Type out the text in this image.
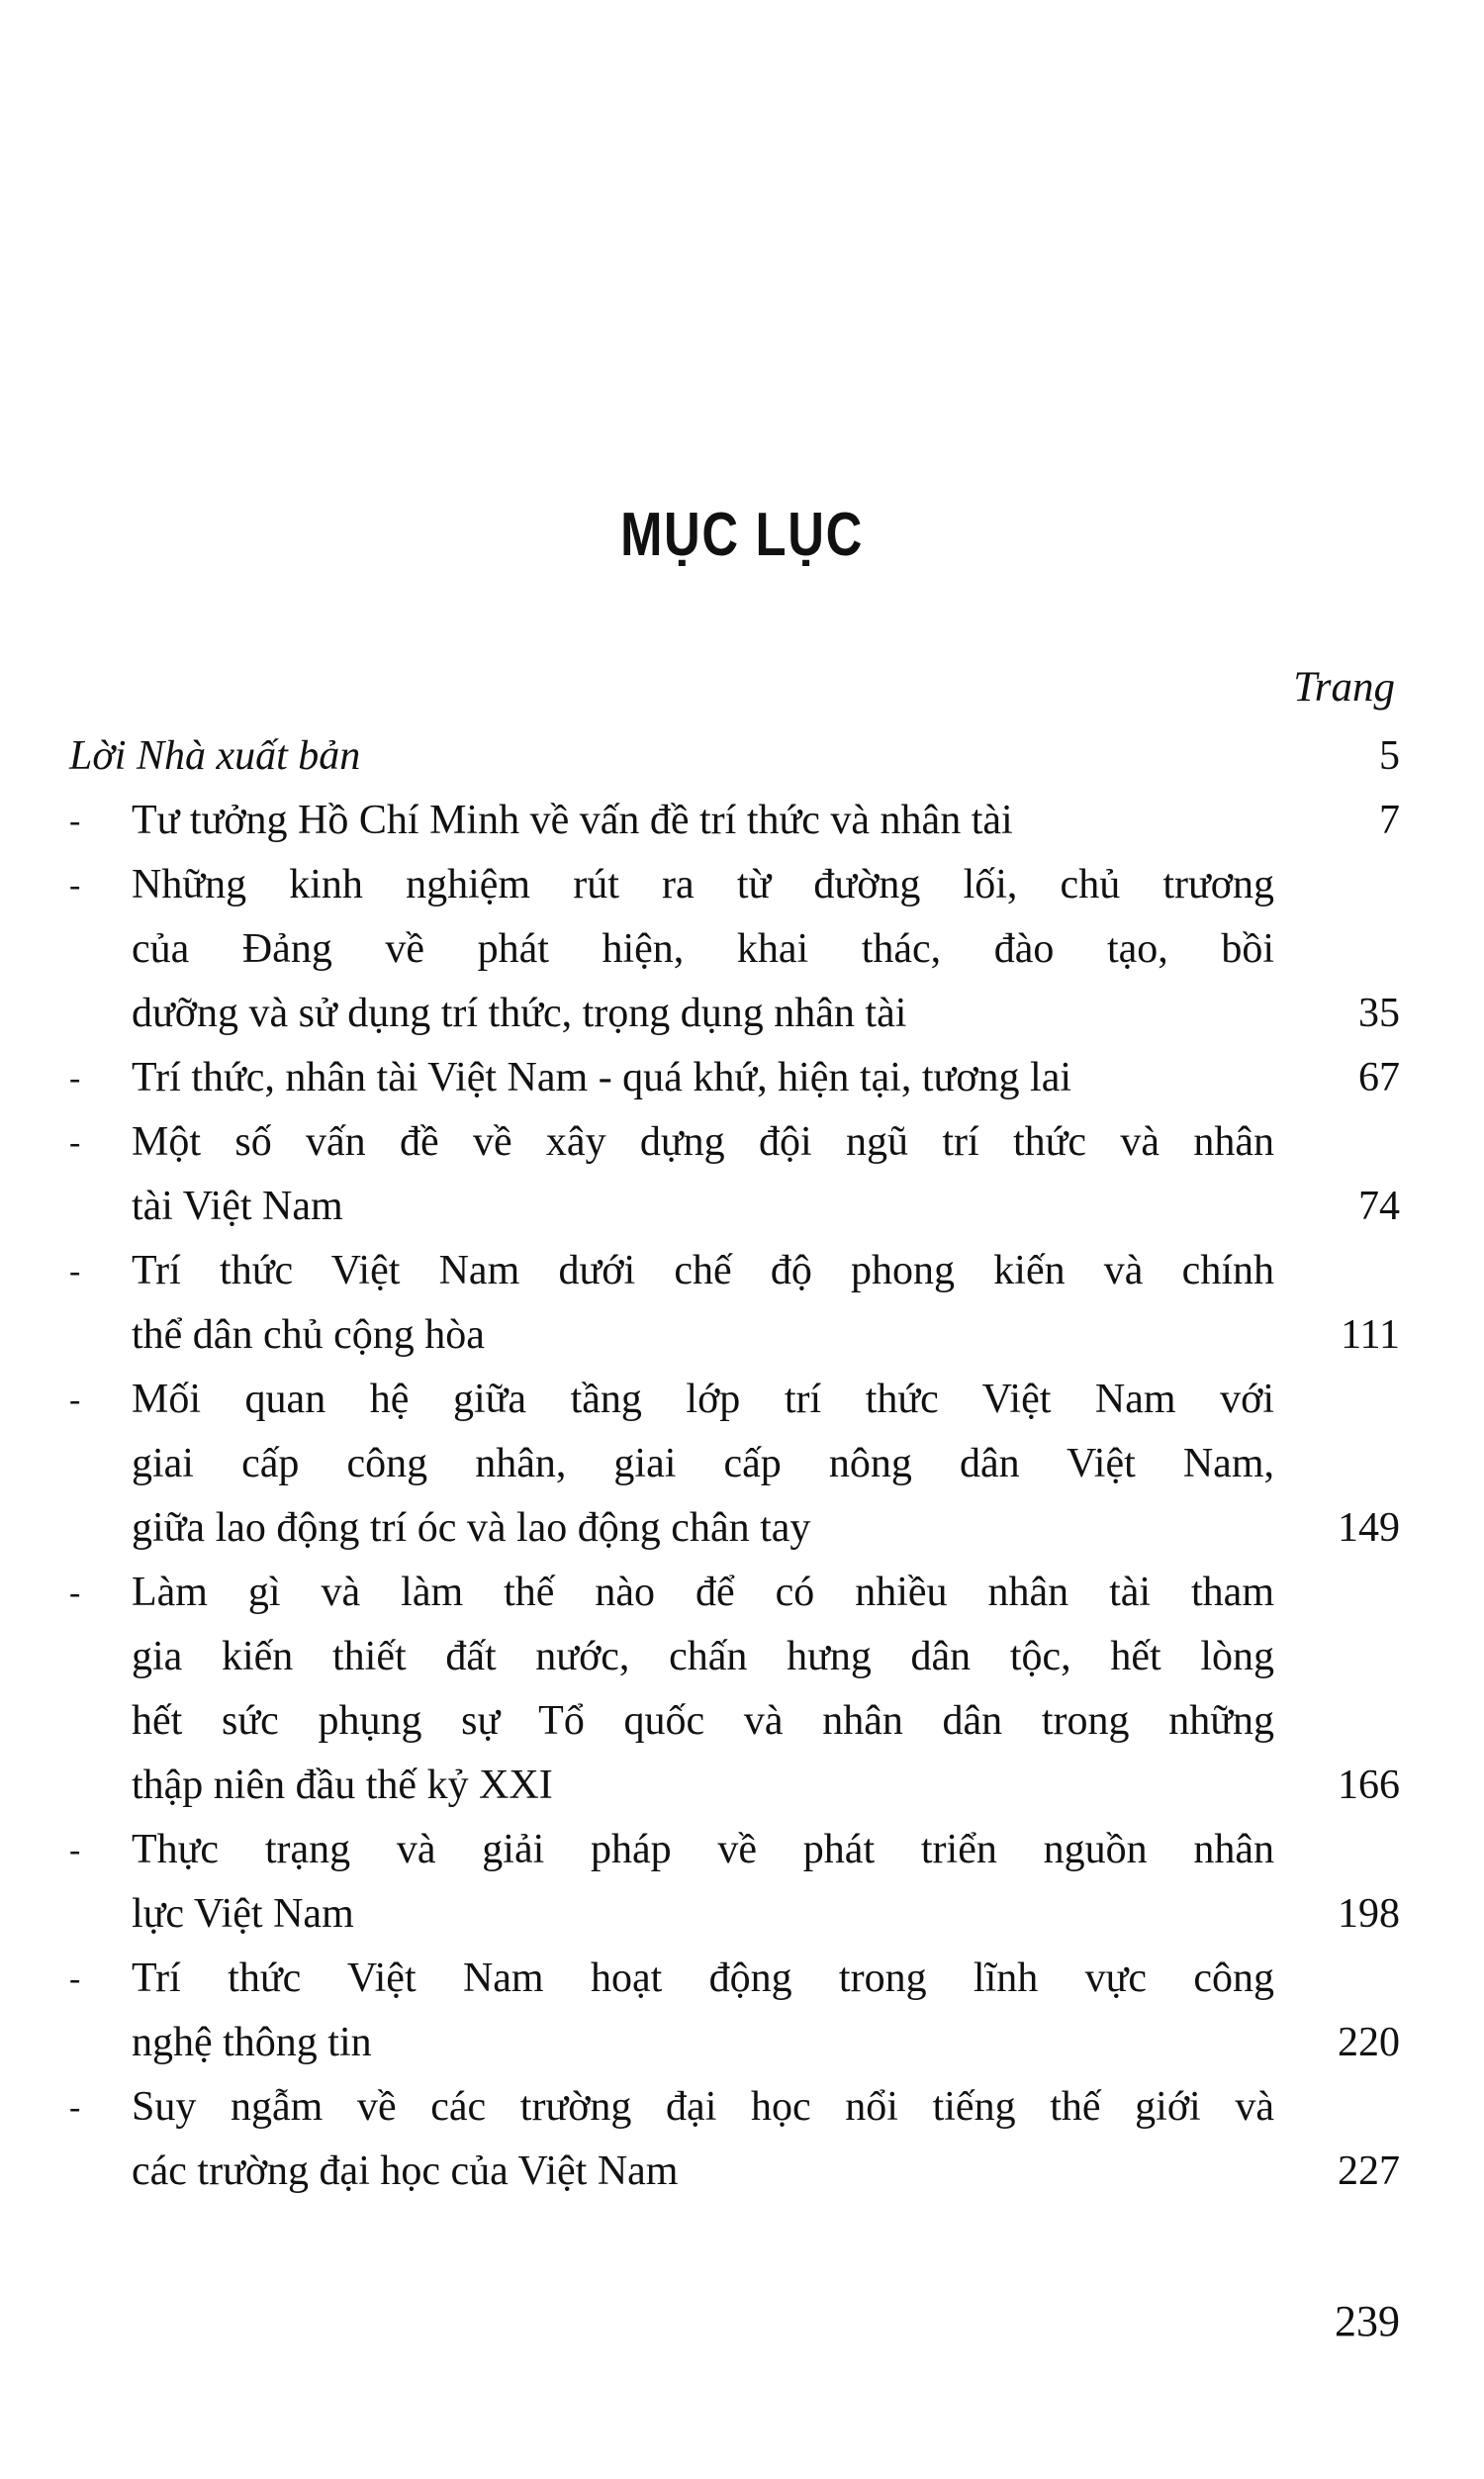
MỤC LỤC
Trang
Lời Nhà xuất bản	5
-	Tư tưởng Hồ Chí Minh về vấn đề trí thức và nhân tài	7
-	Những kinh nghiệm rút ra từ đường lối, chủ trương
của Đảng về phát hiện, khai thác, đào tạo, bồi
dưỡng và sử dụng trí thức, trọng dụng nhân tài	35
-	Trí thức, nhân tài Việt Nam - quá khứ, hiện tại, tương lai	67
-	Một số vấn đề về xây dựng đội ngũ trí thức và nhân
tài Việt Nam	74
-	Trí thức Việt Nam dưới chế độ phong kiến và chính
thể dân chủ cộng hòa	111
-	Mối quan hệ giữa tầng lớp trí thức Việt Nam với
giai cấp công nhân, giai cấp nông dân Việt Nam,
giữa lao động trí óc và lao động chân tay	149
-	Làm gì và làm thế nào để có nhiều nhân tài tham
gia kiến thiết đất nước, chấn hưng dân tộc, hết lòng
hết sức phụng sự Tổ quốc và nhân dân trong những
thập niên đầu thế kỷ XXI	166
-	Thực trạng và giải pháp về phát triển nguồn nhân
lực Việt Nam	198
-	Trí thức Việt Nam hoạt động trong lĩnh vực công
nghệ thông tin	220
-	Suy ngẫm về các trường đại học nổi tiếng thế giới và
các trường đại học của Việt Nam	227
239
